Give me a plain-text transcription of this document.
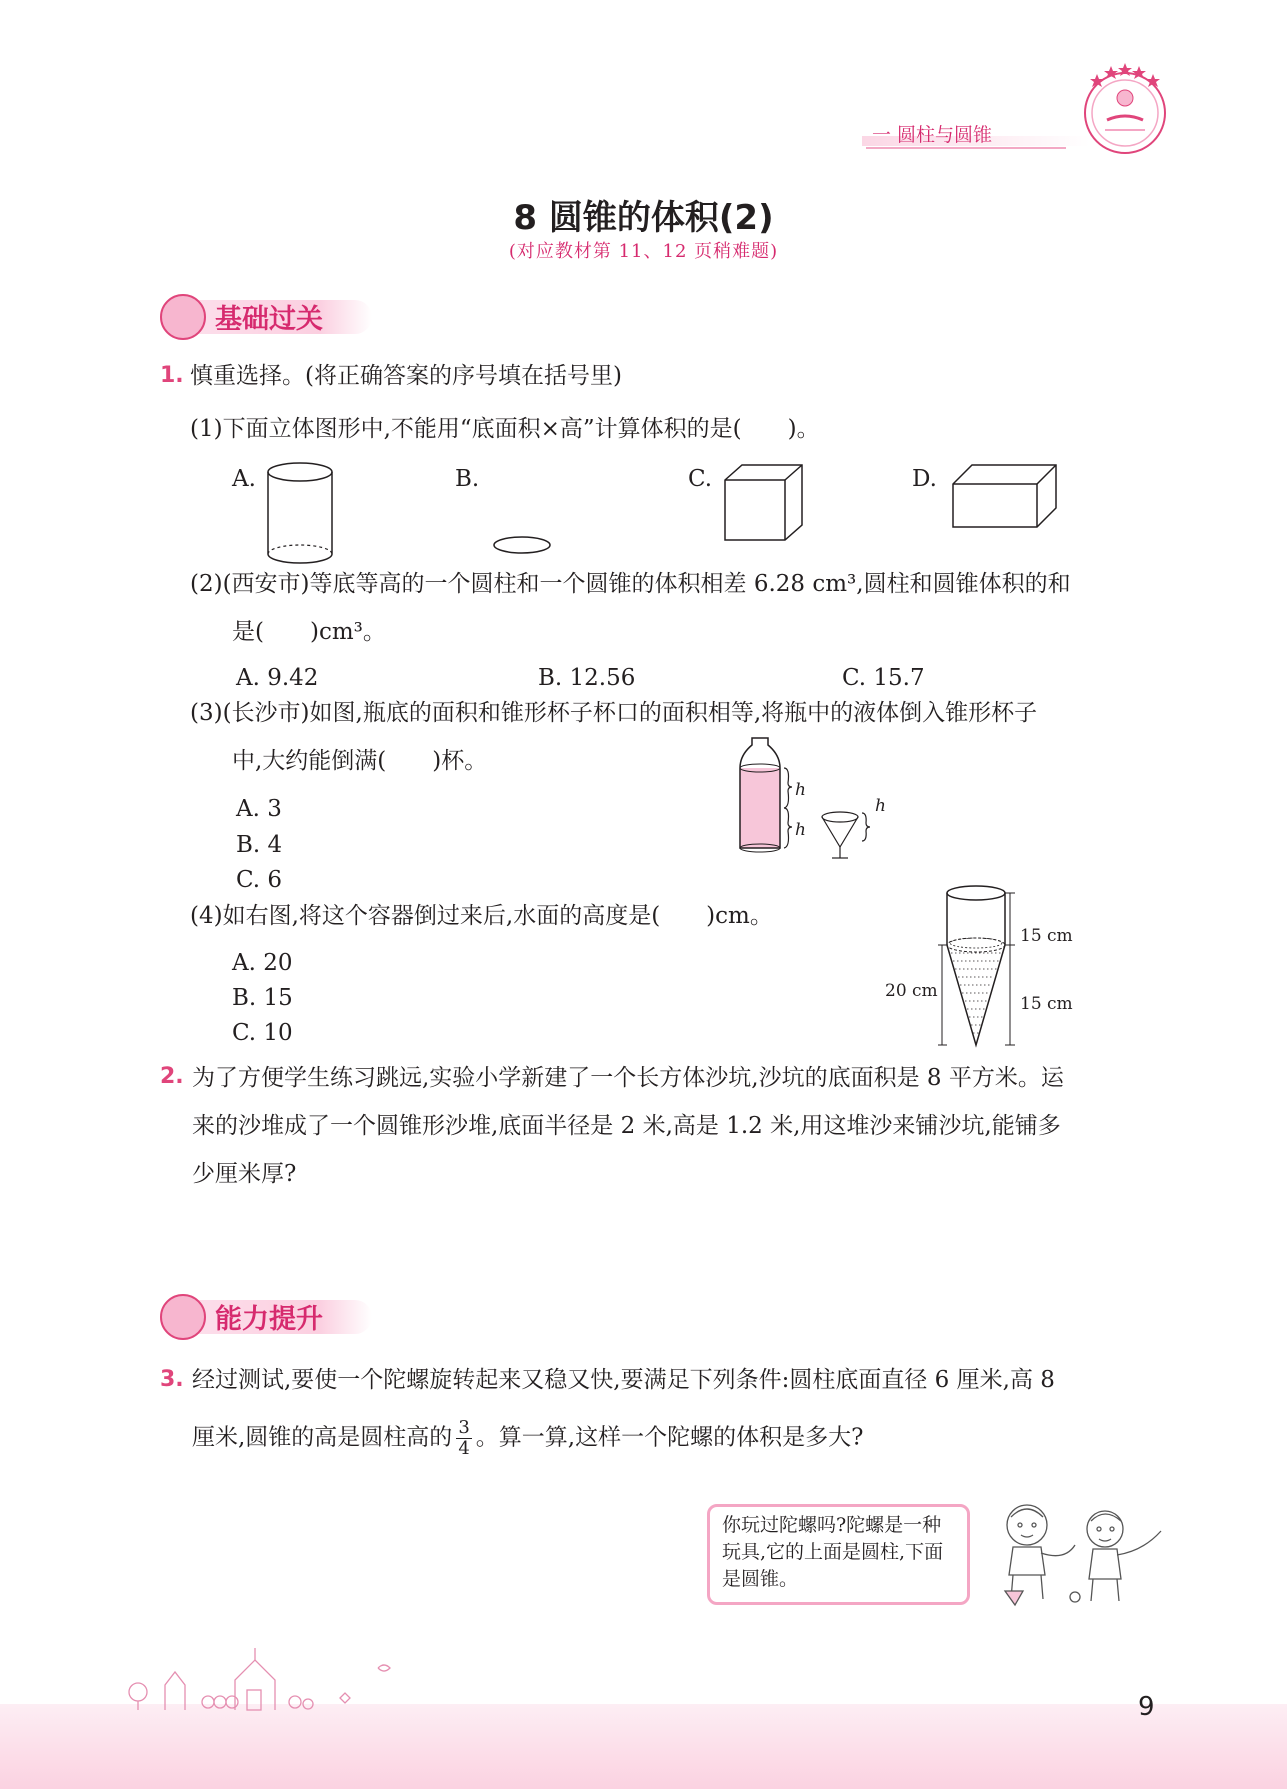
一 圆柱与圆锥
8 圆锥的体积(2)
(对应教材第 11、12 页稍难题)
基础过关
1. 慎重选择。(将正确答案的序号填在括号里)
(1)下面立体图形中,不能用“底面积×高”计算体积的是(　　)。
A.	B.	C.	D.
(2)(西安市)等底等高的一个圆柱和一个圆锥的体积相差 6.28 cm³,圆柱和圆锥体积的和
是(　　)cm³。
A. 9.42	B. 12.56	C. 15.7
(3)(长沙市)如图,瓶底的面积和锥形杯子杯口的面积相等,将瓶中的液体倒入锥形杯子
中,大约能倒满(　　)杯。
A. 3
B. 4
C. 6
h
h
h
(4)如右图,将这个容器倒过来后,水面的高度是(　　)cm。
A. 20
B. 15
C. 10
15 cm
20 cm
15 cm
2. 为了方便学生练习跳远,实验小学新建了一个长方体沙坑,沙坑的底面积是 8 平方米。运
来的沙堆成了一个圆锥形沙堆,底面半径是 2 米,高是 1.2 米,用这堆沙来铺沙坑,能铺多
少厘米厚?
能力提升
3. 经过测试,要使一个陀螺旋转起来又稳又快,要满足下列条件:圆柱底面直径 6 厘米,高 8
厘米,圆锥的高是圆柱高的 $\frac{3}{4}$ 。算一算,这样一个陀螺的体积是多大?
你玩过陀螺吗?陀螺是一种玩具,它的上面是圆柱,下面是圆锥。
9
